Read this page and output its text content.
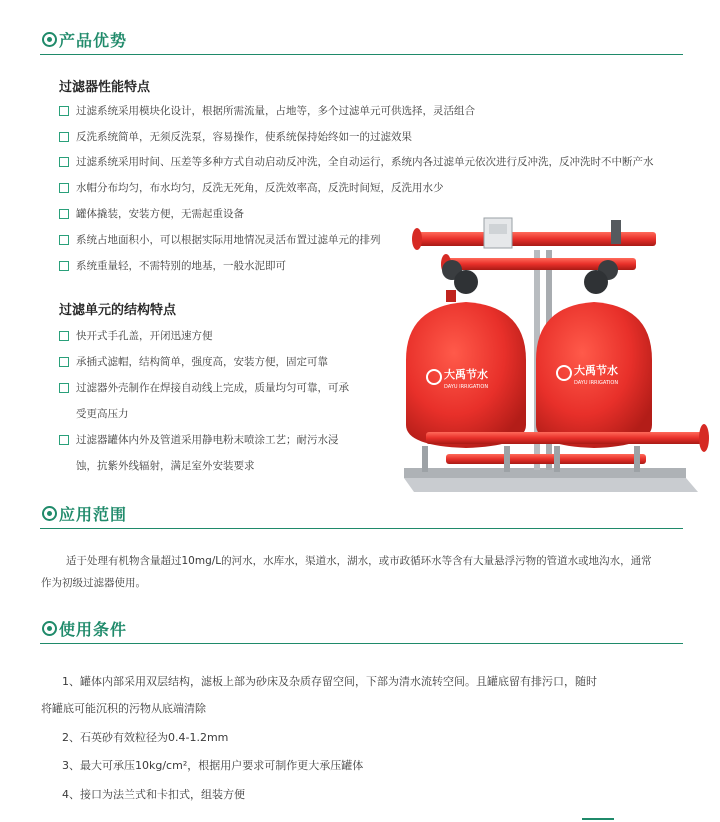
产品优势
过滤器性能特点
过滤系统采用模块化设计，根据所需流量，占地等，多个过滤单元可供选择，灵活组合
反洗系统简单，无须反洗泵，容易操作，使系统保持始终如一的过滤效果
过滤系统采用时间、压差等多种方式自动启动反冲洗，全自动运行，系统内各过滤单元依次进行反冲洗，反冲洗时不中断产水
水帽分布均匀，布水均匀，反洗无死角，反洗效率高，反洗时间短，反洗用水少
罐体撬装，安装方便，无需起重设备
系统占地面积小，可以根据实际用地情况灵活布置过滤单元的排列
系统重量轻，不需特别的地基，一般水泥即可
过滤单元的结构特点
快开式手孔盖，开闭迅速方便
承插式滤帽，结构简单，强度高，安装方便，固定可靠
过滤器外壳制作在焊接自动线上完成，质量均匀可靠，可承
受更高压力
过滤器罐体内外及管道采用静电粉末喷涂工艺；耐污水浸
蚀，抗紫外线辐射，满足室外安装要求
大禹节水
DAYU IRRIGATION
大禹节水
DAYU IRRIGATION
应用范围
适于处理有机物含量超过10mg/L的河水，水库水，渠道水，湖水，或市政循环水等含有大量悬浮污物的管道水或地沟水，通常
作为初级过滤器使用。
使用条件
1、罐体内部采用双层结构，滤板上部为砂床及杂质存留空间，下部为清水流转空间。且罐底留有排污口，随时
将罐底可能沉积的污物从底端清除
2、石英砂有效粒径为0.4-1.2mm
3、最大可承压10kg/cm²，根据用户要求可制作更大承压罐体
4、接口为法兰式和卡扣式，组装方便
